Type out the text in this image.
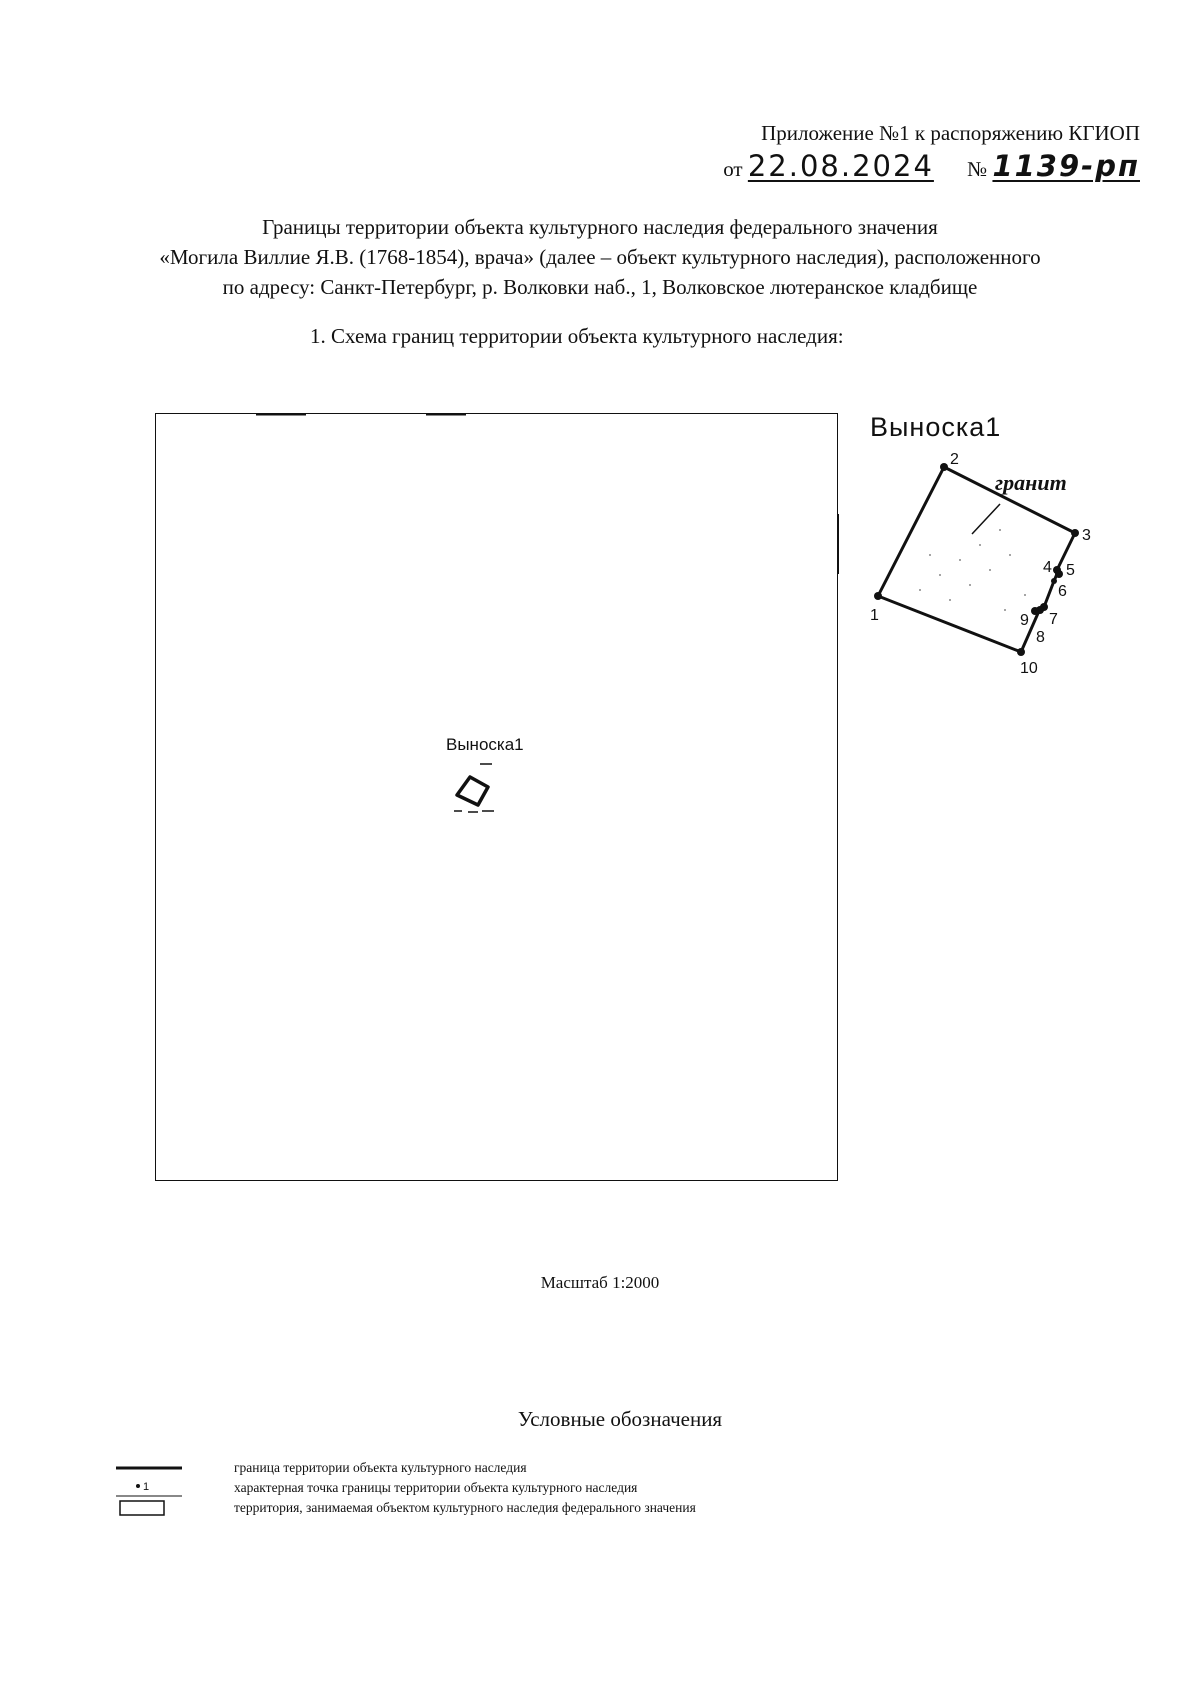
Приложение №1 к распоряжению КГИОП
от 22.08.2024 № 1139-рп
Границы территории объекта культурного наследия федерального значения
«Могила Виллие Я.В. (1768-1854), врача» (далее – объект культурного наследия), расположенного
по адресу: Санкт-Петербург, р. Волковки наб., 1, Волковское лютеранское кладбище
1. Схема границ территории объекта культурного наследия:
Выноска1
Выноска1
гранит
1
2
3
4 5
6
7
8
9
10
Масштаб 1:2000
Условные обозначения
граница территории объекта культурного наследия
1	характерная точка границы территории объекта культурного наследия
территория, занимаемая объектом культурного наследия федерального значения
